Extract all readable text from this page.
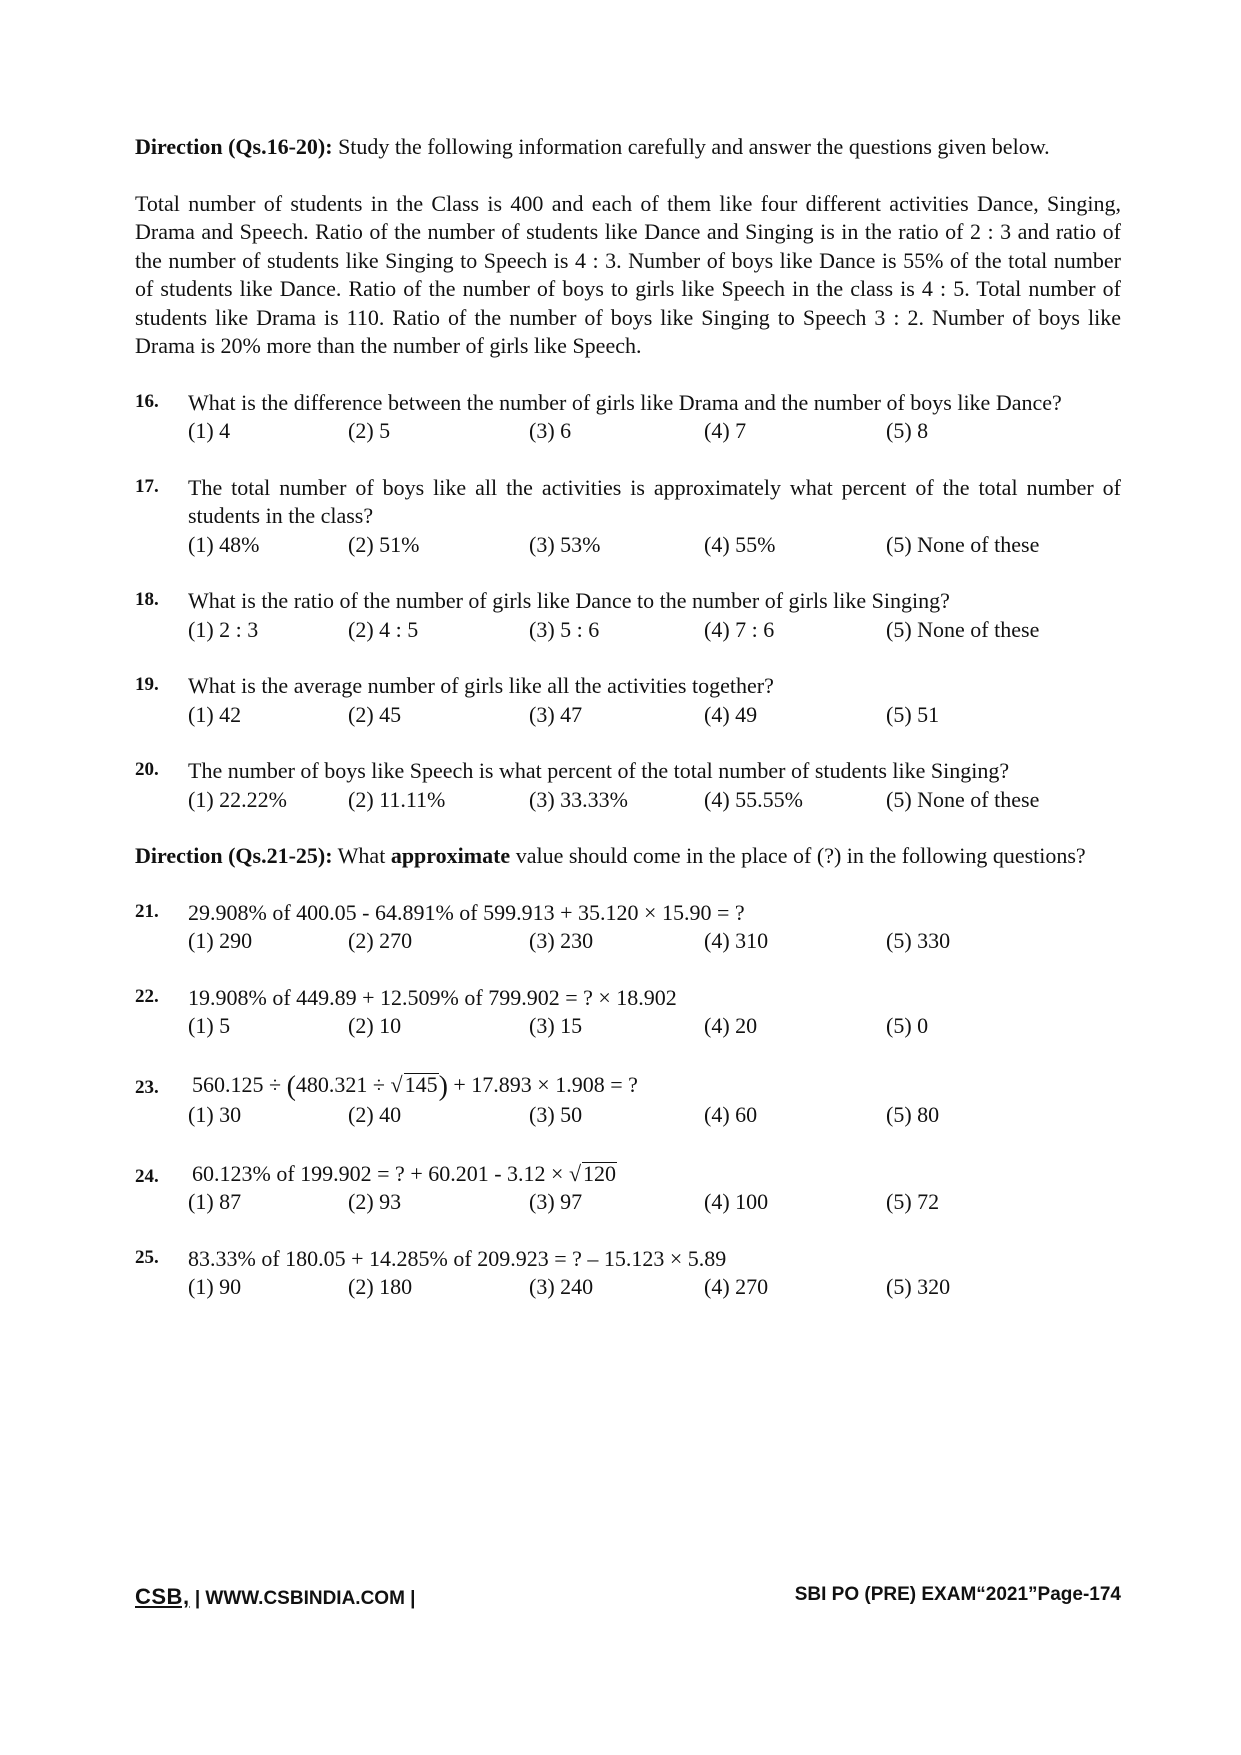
Direction (Qs.16-20): Study the following information carefully and answer the questions given below.

Total number of students in the Class is 400 and each of them like four different activities Dance, Singing, Drama and Speech. Ratio of the number of students like Dance and Singing is in the ratio of 2 : 3 and ratio of the number of students like Singing to Speech is 4 : 3. Number of boys like Dance is 55% of the total number of students like Dance. Ratio of the number of boys to girls like Speech in the class is 4 : 5. Total number of students like Drama is 110. Ratio of the number of boys like Singing to Speech 3 : 2. Number of boys like Drama is 20% more than the number of girls like Speech.

16. What is the difference between the number of girls like Drama and the number of boys like Dance?
(1) 4	(2) 5	(3) 6	(4) 7	(5) 8
17. The total number of boys like all the activities is approximately what percent of the total number of students in the class?
(1) 48%	(2) 51%	(3) 53%	(4) 55%	(5) None of these
18. What is the ratio of the number of girls like Dance to the number of girls like Singing?
(1) 2 : 3	(2) 4 : 5	(3) 5 : 6	(4) 7 : 6	(5) None of these
19. What is the average number of girls like all the activities together?
(1) 42	(2) 45	(3) 47	(4) 49	(5) 51
20. The number of boys like Speech is what percent of the total number of students like Singing?
(1) 22.22%	(2) 11.11%	(3) 33.33%	(4) 55.55%	(5) None of these

Direction (Qs.21-25): What approximate value should come in the place of (?) in the following questions?

21. 29.908% of 400.05 - 64.891% of 599.913 + 35.120 × 15.90 = ?
(1) 290	(2) 270	(3) 230	(4) 310	(5) 330
22. 19.908% of 449.89 + 12.509% of 799.902 = ? × 18.902
(1) 5	(2) 10	(3) 15	(4) 20	(5) 0
23. 560.125 ÷ (480.321 ÷ √145) + 17.893 × 1.908 = ?
(1) 30	(2) 40	(3) 50	(4) 60	(5) 80
24. 60.123% of 199.902 = ? + 60.201 - 3.12 × √120
(1) 87	(2) 93	(3) 97	(4) 100	(5) 72
25. 83.33% of 180.05 + 14.285% of 209.923 = ? – 15.123 × 5.89
(1) 90	(2) 180	(3) 240	(4) 270	(5) 320
CSB, | WWW.CSBINDIA.COM |	SBI PO (PRE) EXAM“2021”Page-174
